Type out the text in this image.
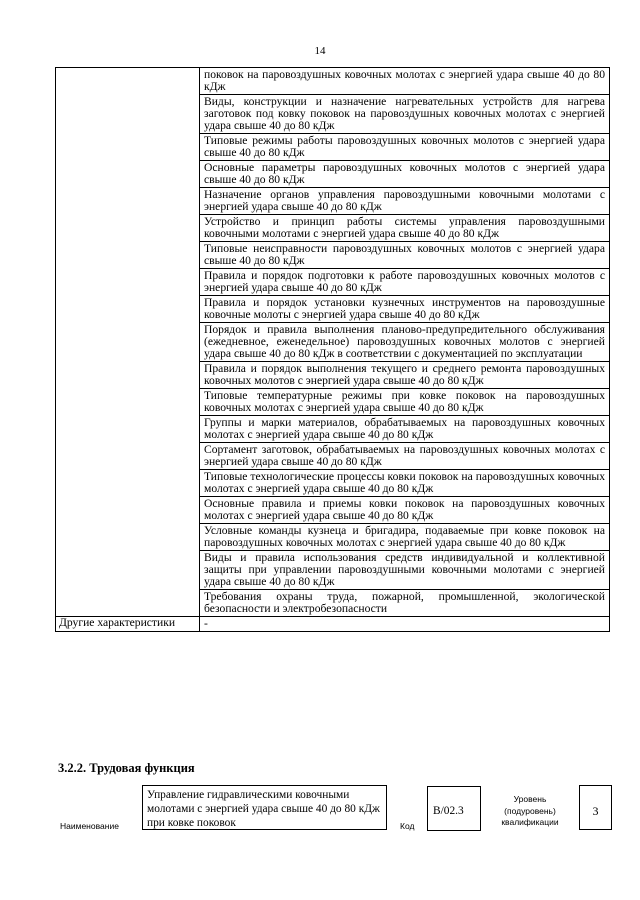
14
	поковок на паровоздушных ковочных молотах с энергией удара свыше 40 до 80 кДж
	Виды, конструкции и назначение нагревательных устройств для нагрева заготовок под ковку поковок на паровоздушных ковочных молотах с энергией удара свыше 40 до 80 кДж
	Типовые режимы работы паровоздушных ковочных молотов с энергией удара свыше 40 до 80 кДж
	Основные параметры паровоздушных ковочных молотов с энергией удара свыше 40 до 80 кДж
	Назначение органов управления паровоздушными ковочными молотами с энергией удара свыше 40 до 80 кДж
	Устройство и принцип работы системы управления паровоздушными ковочными молотами с энергией удара свыше 40 до 80 кДж
	Типовые неисправности паровоздушных ковочных молотов с энергией удара свыше 40 до 80 кДж
	Правила и порядок подготовки к работе паровоздушных ковочных молотов с энергией удара свыше 40 до 80 кДж
	Правила и порядок установки кузнечных инструментов на паровоздушные ковочные молоты с энергией удара свыше 40 до 80 кДж
	Порядок и правила выполнения планово-предупредительного обслуживания (ежедневное, еженедельное) паровоздушных ковочных молотов с энергией удара свыше 40 до 80 кДж в соответствии с документацией по эксплуатации
	Правила и порядок выполнения текущего и среднего ремонта паровоздушных ковочных молотов с энергией удара свыше 40 до 80 кДж
	Типовые температурные режимы при ковке поковок на паровоздушных ковочных молотах с энергией удара свыше 40 до 80 кДж
	Группы и марки материалов, обрабатываемых на паровоздушных ковочных молотах с энергией удара свыше 40 до 80 кДж
	Сортамент заготовок, обрабатываемых на паровоздушных ковочных молотах с энергией удара свыше 40 до 80 кДж
	Типовые технологические процессы ковки поковок на паровоздушных ковочных молотах с энергией удара свыше 40 до 80 кДж
	Основные правила и приемы ковки поковок на паровоздушных ковочных молотах с энергией удара свыше 40 до 80 кДж
	Условные команды кузнеца и бригадира, подаваемые при ковке поковок на паровоздушных ковочных молотах с энергией удара свыше 40 до 80 кДж
	Виды и правила использования средств индивидуальной и коллективной защиты при управлении паровоздушными ковочными молотами с энергией удара свыше 40 до 80 кДж
	Требования охраны труда, пожарной, промышленной, экологической безопасности и электробезопасности
Другие характеристики	-
3.2.2. Трудовая функция
Наименование
Управление гидравлическими ковочными молотами с энергией удара свыше 40 до 80 кДж при ковке поковок	Код
B/02.3
Уровень (подуровень) квалификации
3
